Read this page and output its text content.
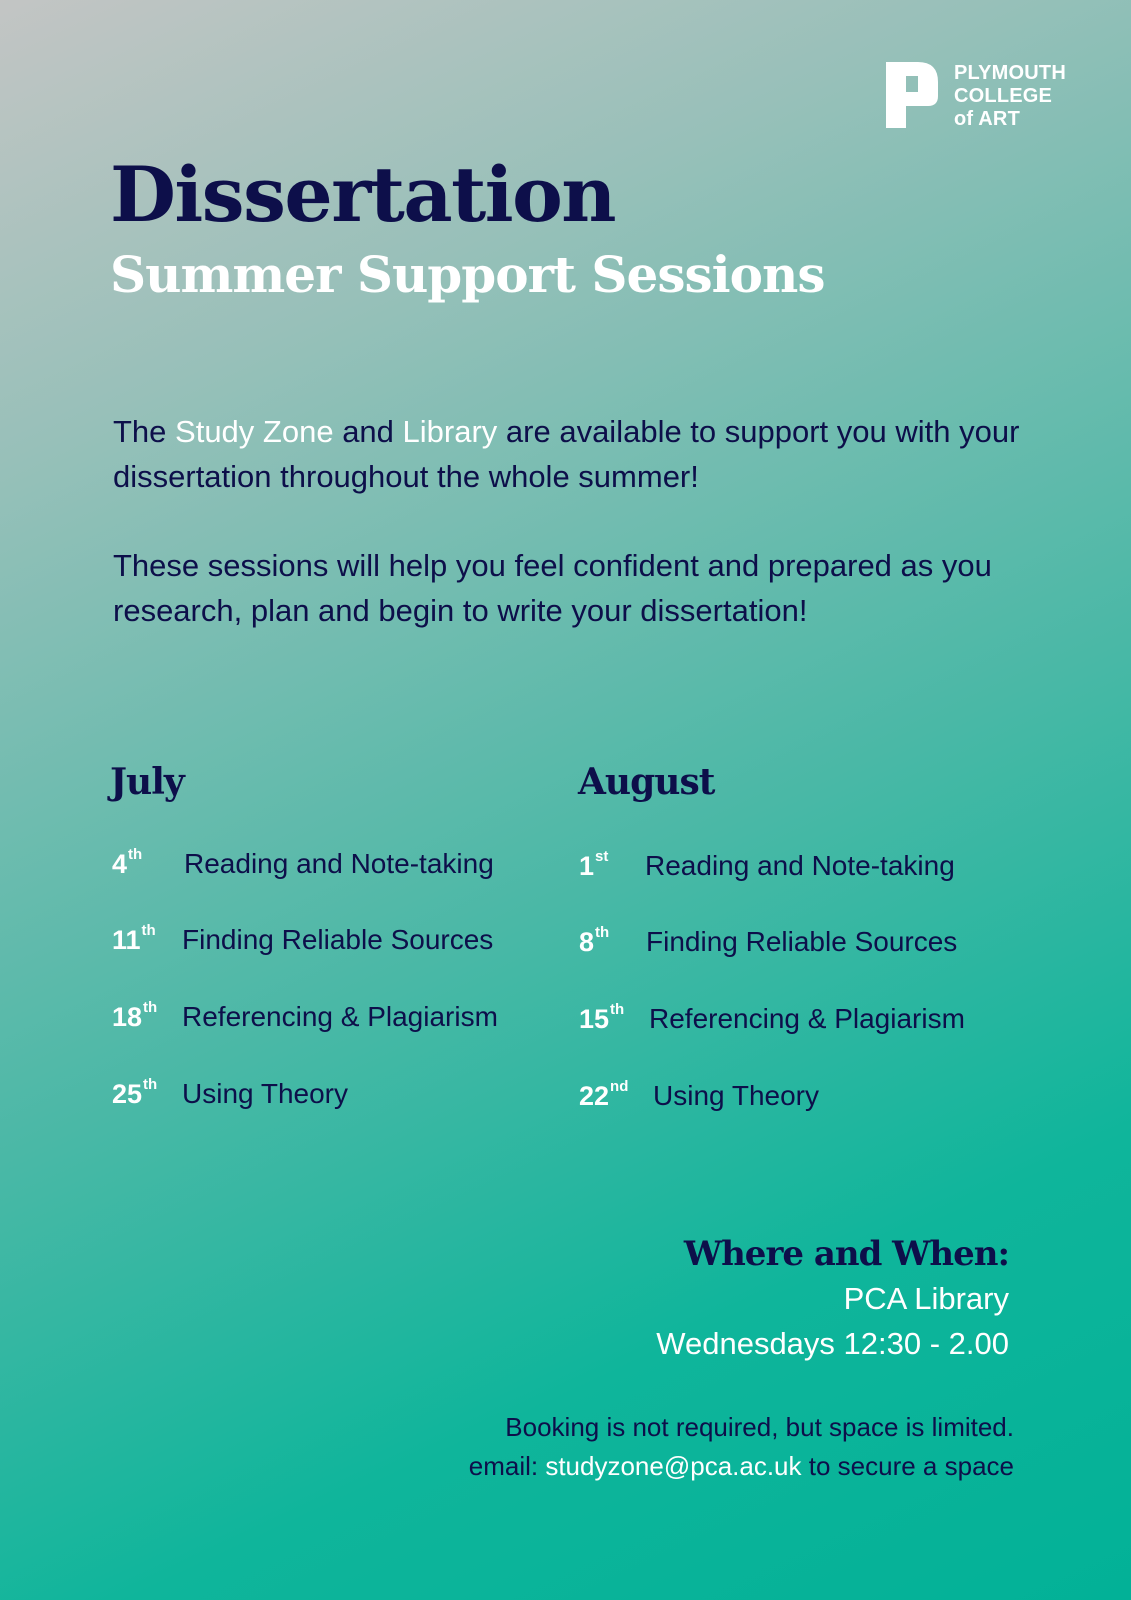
PLYMOUTH
COLLEGE
of ART
Dissertation
Summer Support Sessions

The Study Zone and Library are available to support you with your dissertation throughout the whole summer!

These sessions will help you feel confident and prepared as you research, plan and begin to write your dissertation!

July
4th Reading and Note-taking
11th Finding Reliable Sources
18th Referencing & Plagiarism
25th Using Theory
August
1st Reading and Note-taking
8th Finding Reliable Sources
15th Referencing & Plagiarism
22nd Using Theory
Where and When:
PCA Library
Wednesdays 12:30 - 2.00
Booking is not required, but space is limited.
email: studyzone@pca.ac.uk to secure a space
